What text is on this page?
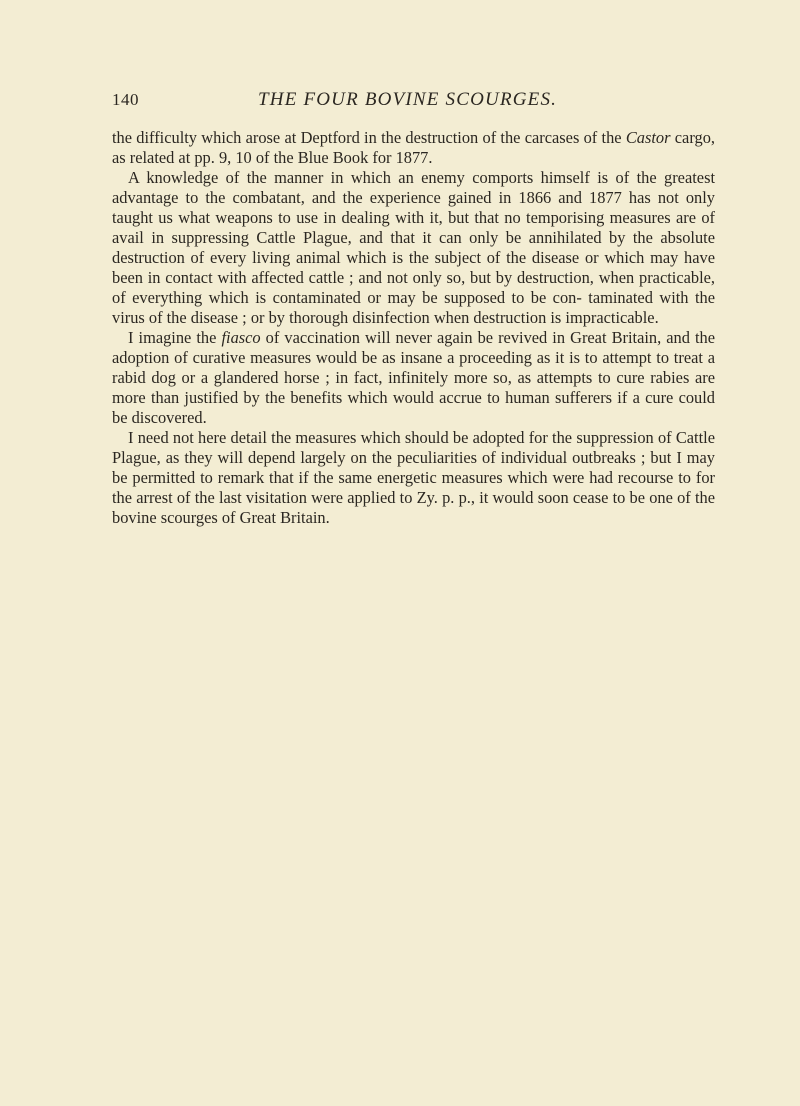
140	THE FOUR BOVINE SCOURGES.

the difficulty which arose at Deptford in the destruction of the carcases of the Castor cargo, as related at pp. 9, 10 of the Blue Book for 1877.

A knowledge of the manner in which an enemy comports himself is of the greatest advantage to the combatant, and the experience gained in 1866 and 1877 has not only taught us what weapons to use in dealing with it, but that no temporising measures are of avail in suppressing Cattle Plague, and that it can only be annihilated by the absolute destruction of every living animal which is the subject of the disease or which may have been in contact with affected cattle ; and not only so, but by destruction, when practicable, of everything which is contaminated or may be supposed to be con- taminated with the virus of the disease ; or by thorough disinfection when destruction is impracticable.

I imagine the fiasco of vaccination will never again be revived in Great Britain, and the adoption of curative measures would be as insane a proceeding as it is to attempt to treat a rabid dog or a glandered horse ; in fact, infinitely more so, as attempts to cure rabies are more than justified by the benefits which would accrue to human sufferers if a cure could be discovered.

I need not here detail the measures which should be adopted for the suppression of Cattle Plague, as they will depend largely on the peculiarities of individual outbreaks ; but I may be permitted to remark that if the same energetic measures which were had recourse to for the arrest of the last visitation were applied to Zy. p. p., it would soon cease to be one of the bovine scourges of Great Britain.
